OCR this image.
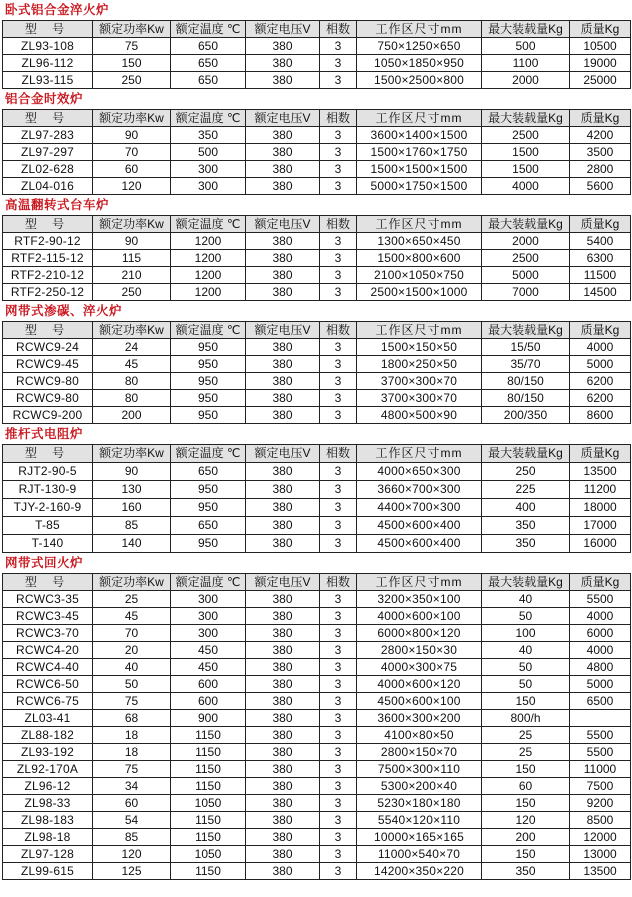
卧式铝合金淬火炉
型 号	额定功率Kw	额定温度 ℃	额定电压V	相数	工作区尺寸mm	最大装载量Kg	质量Kg
ZL93-108	75	650	380	3	750×1250×650	500	10500
ZL96-112	150	650	380	3	1050×1850×950	1100	19000
ZL93-115	250	650	380	3	1500×2500×800	2000	25000
铝合金时效炉
型 号	额定功率Kw	额定温度 ℃	额定电压V	相数	工作区尺寸mm	最大装载量Kg	质量Kg
ZL97-283	90	350	380	3	3600×1400×1500	2500	4200
ZL97-297	70	500	380	3	1500×1760×1750	1500	3500
ZL02-628	60	300	380	3	1500×1500×1500	1500	2800
ZL04-016	120	300	380	3	5000×1750×1500	4000	5600
高温翻转式台车炉
型 号	额定功率Kw	额定温度 ℃	额定电压V	相数	工作区尺寸mm	最大装载量Kg	质量Kg
RTF2-90-12	90	1200	380	3	1300×650×450	2000	5400
RTF2-115-12	115	1200	380	3	1500×800×600	2500	6300
RTF2-210-12	210	1200	380	3	2100×1050×750	5000	11500
RTF2-250-12	250	1200	380	3	2500×1500×1000	7000	14500
网带式渗碳、淬火炉
型 号	额定功率Kw	额定温度 ℃	额定电压V	相数	工作区尺寸mm	最大装载量Kg	质量Kg
RCWC9-24	24	950	380	3	1500×150×50	15/50	4000
RCWC9-45	45	950	380	3	1800×250×50	35/70	5000
RCWC9-80	80	950	380	3	3700×300×70	80/150	6200
RCWC9-80	80	950	380	3	3700×300×70	80/150	6200
RCWC9-200	200	950	380	3	4800×500×90	200/350	8600
推杆式电阻炉
型 号	额定功率Kw	额定温度 ℃	额定电压V	相数	工作区尺寸mm	最大装载量Kg	质量Kg
RJT2-90-5	90	650	380	3	4000×650×300	250	13500
RJT-130-9	130	950	380	3	3660×700×300	225	11200
TJY-2-160-9	160	950	380	3	4400×700×300	400	18000
T-85	85	650	380	3	4500×600×400	350	17000
T-140	140	950	380	3	4500×600×400	350	16000
网带式回火炉
型 号	额定功率Kw	额定温度 ℃	额定电压V	相数	工作区尺寸mm	最大装载量Kg	质量Kg
RCWC3-35	25	300	380	3	3200×350×100	40	5500
RCWC3-45	45	300	380	3	4000×600×100	50	4000
RCWC3-70	70	300	380	3	6000×800×120	100	6000
RCWC4-20	20	450	380	3	2800×150×30	40	4000
RCWC4-40	40	450	380	3	4000×300×75	50	4800
RCWC6-50	50	600	380	3	4000×600×120	50	5000
RCWC6-75	75	600	380	3	4500×600×100	150	6500
ZL03-41	68	900	380	3	3600×300×200	800/h	
ZL88-182	18	1150	380	3	4100×80×50	25	5500
ZL93-192	18	1150	380	3	2800×150×70	25	5500
ZL92-170A	75	1150	380	3	7500×300×110	150	11000
ZL96-12	34	1150	380	3	5300×200×40	60	7500
ZL98-33	60	1050	380	3	5230×180×180	150	9200
ZL98-183	54	1150	380	3	5540×120×110	120	8500
ZL98-18	85	1150	380	3	10000×165×165	200	12000
ZL97-128	120	1050	380	3	11000×540×70	150	13000
ZL99-615	125	1150	380	3	14200×350×220	350	13500
